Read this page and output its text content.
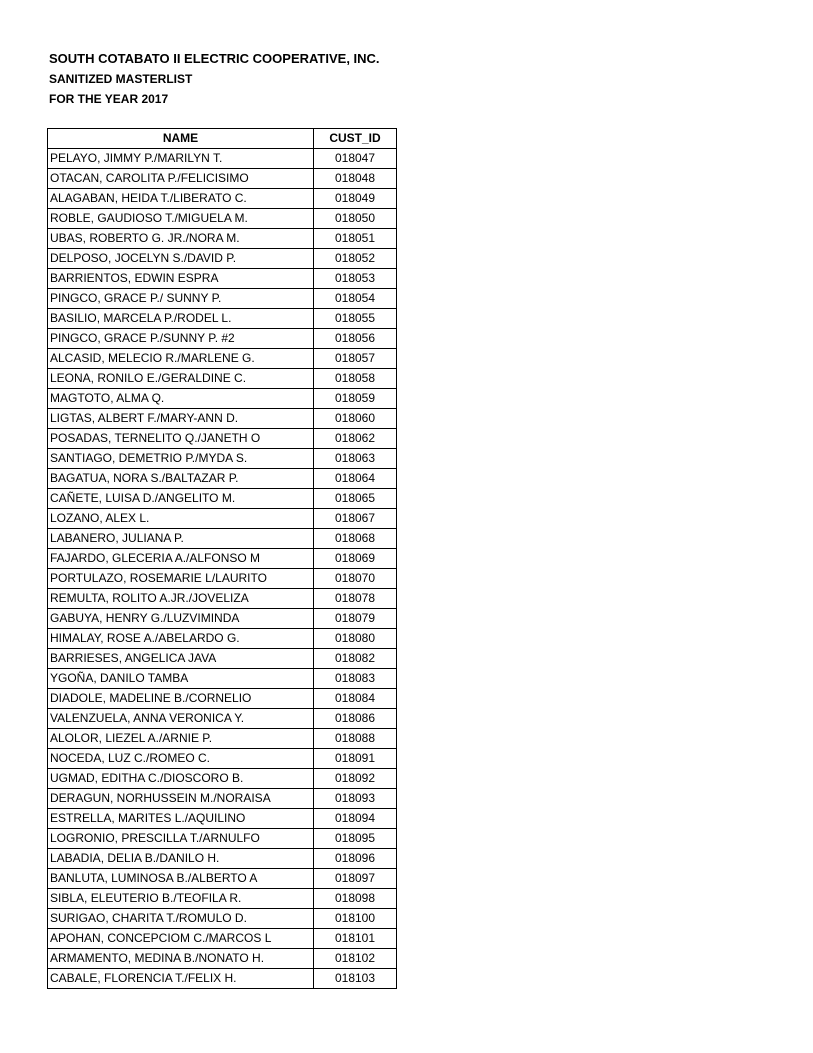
SOUTH COTABATO II ELECTRIC COOPERATIVE, INC.
SANITIZED MASTERLIST
FOR THE YEAR 2017
NAME	CUST_ID
PELAYO, JIMMY P./MARILYN T.	018047
OTACAN, CAROLITA P./FELICISIMO	018048
ALAGABAN, HEIDA T./LIBERATO C.	018049
ROBLE, GAUDIOSO T./MIGUELA M.	018050
UBAS, ROBERTO G. JR./NORA M.	018051
DELPOSO, JOCELYN S./DAVID P.	018052
BARRIENTOS, EDWIN ESPRA	018053
PINGCO, GRACE P./ SUNNY P.	018054
BASILIO, MARCELA P./RODEL L.	018055
PINGCO, GRACE P./SUNNY P. #2	018056
ALCASID, MELECIO R./MARLENE G.	018057
LEONA, RONILO E./GERALDINE C.	018058
MAGTOTO, ALMA Q.	018059
LIGTAS, ALBERT F./MARY-ANN D.	018060
POSADAS, TERNELITO Q./JANETH O	018062
SANTIAGO, DEMETRIO P./MYDA S.	018063
BAGATUA, NORA S./BALTAZAR P.	018064
CAÑETE, LUISA D./ANGELITO M.	018065
LOZANO, ALEX L.	018067
LABANERO, JULIANA P.	018068
FAJARDO, GLECERIA A./ALFONSO M	018069
PORTULAZO, ROSEMARIE L/LAURITO	018070
REMULTA, ROLITO A.JR./JOVELIZA	018078
GABUYA, HENRY G./LUZVIMINDA	018079
HIMALAY, ROSE A./ABELARDO G.	018080
BARRIESES, ANGELICA JAVA	018082
YGOÑA, DANILO TAMBA	018083
DIADOLE, MADELINE B./CORNELIO	018084
VALENZUELA, ANNA VERONICA Y.	018086
ALOLOR, LIEZEL A./ARNIE P.	018088
NOCEDA, LUZ C./ROMEO C.	018091
UGMAD, EDITHA C./DIOSCORO B.	018092
DERAGUN, NORHUSSEIN M./NORAISA	018093
ESTRELLA, MARITES L./AQUILINO	018094
LOGRONIO, PRESCILLA T./ARNULFO	018095
LABADIA, DELIA B./DANILO H.	018096
BANLUTA, LUMINOSA B./ALBERTO A	018097
SIBLA, ELEUTERIO B./TEOFILA R.	018098
SURIGAO, CHARITA T./ROMULO D.	018100
APOHAN, CONCEPCIOM C./MARCOS L	018101
ARMAMENTO, MEDINA B./NONATO H.	018102
CABALE, FLORENCIA T./FELIX H.	018103
